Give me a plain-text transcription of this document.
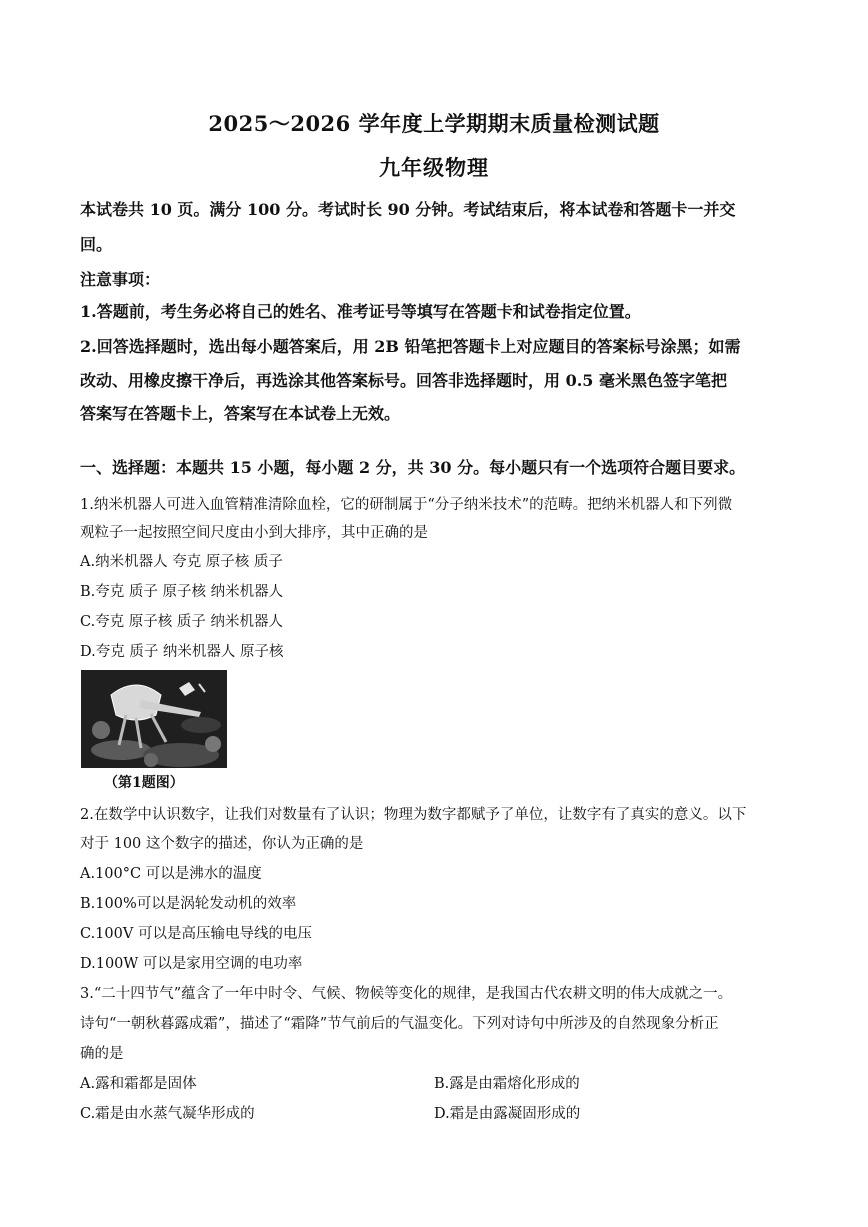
2025～2026 学年度上学期期末质量检测试题
九年级物理
本试卷共 10 页。满分 100 分。考试时长 90 分钟。考试结束后，将本试卷和答题卡一并交
回。
注意事项：
1.答题前，考生务必将自己的姓名、准考证号等填写在答题卡和试卷指定位置。
2.回答选择题时，选出每小题答案后，用 2B 铅笔把答题卡上对应题目的答案标号涂黑；如需
改动、用橡皮擦干净后，再选涂其他答案标号。回答非选择题时，用 0.5 毫米黑色签字笔把
答案写在答题卡上，答案写在本试卷上无效。
一、选择题：本题共 15 小题，每小题 2 分，共 30 分。每小题只有一个选项符合题目要求。
1.纳米机器人可进入血管精准清除血栓，它的研制属于“分子纳米技术”的范畴。把纳米机器人和下列微
观粒子一起按照空间尺度由小到大排序，其中正确的是
A.纳米机器人 夸克 原子核 质子
B.夸克 质子 原子核 纳米机器人
C.夸克 原子核 质子 纳米机器人
D.夸克 质子 纳米机器人 原子核
（第1题图）
2.在数学中认识数字，让我们对数量有了认识；物理为数字都赋予了单位，让数字有了真实的意义。以下
对于 100 这个数字的描述，你认为正确的是
A.100°C 可以是沸水的温度
B.100%可以是涡轮发动机的效率
C.100V 可以是高压输电导线的电压
D.100W 可以是家用空调的电功率
3.“二十四节气”蕴含了一年中时令、气候、物候等变化的规律，是我国古代农耕文明的伟大成就之一。
诗句“一朝秋暮露成霜”，描述了“霜降”节气前后的气温变化。下列对诗句中所涉及的自然现象分析正
确的是
A.露和霜都是固体	B.露是由霜熔化形成的
C.霜是由水蒸气凝华形成的	D.霜是由露凝固形成的
